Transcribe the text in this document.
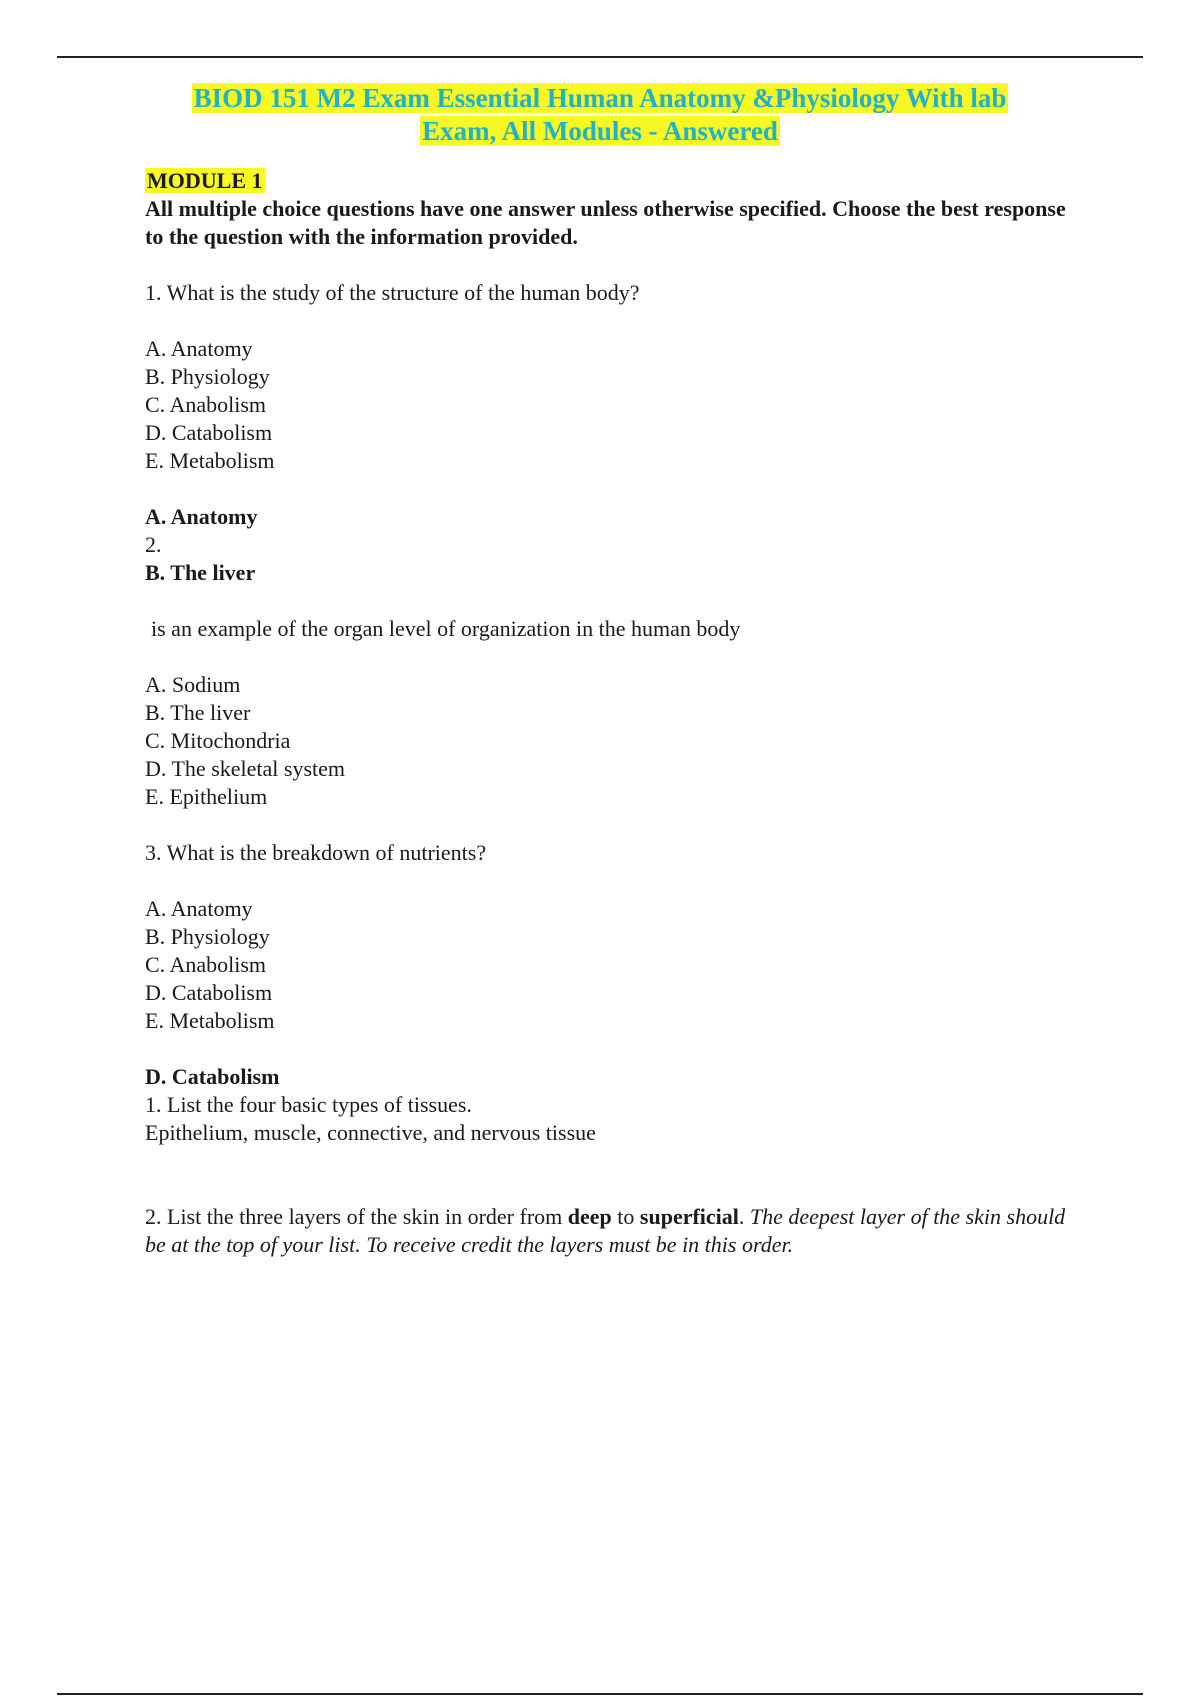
BIOD 151 M2 Exam Essential Human Anatomy &Physiology With lab
Exam, All Modules - Answered
MODULE 1

All multiple choice questions have one answer unless otherwise specified. Choose the best response to the question with the information provided.

1. What is the study of the structure of the human body?
A. Anatomy
B. Physiology
C. Anabolism
D. Catabolism
E. Metabolism
A. Anatomy
2.
B. The liver
is an example of the organ level of organization in the human body
A. Sodium
B. The liver
C. Mitochondria
D. The skeletal system
E. Epithelium
3. What is the breakdown of nutrients?
A. Anatomy
B. Physiology
C. Anabolism
D. Catabolism
E. Metabolism
D. Catabolism
1. List the four basic types of tissues.
Epithelium, muscle, connective, and nervous tissue
2. List the three layers of the skin in order from deep to superficial. The deepest layer of the skin should be at the top of your list. To receive credit the layers must be in this order.
